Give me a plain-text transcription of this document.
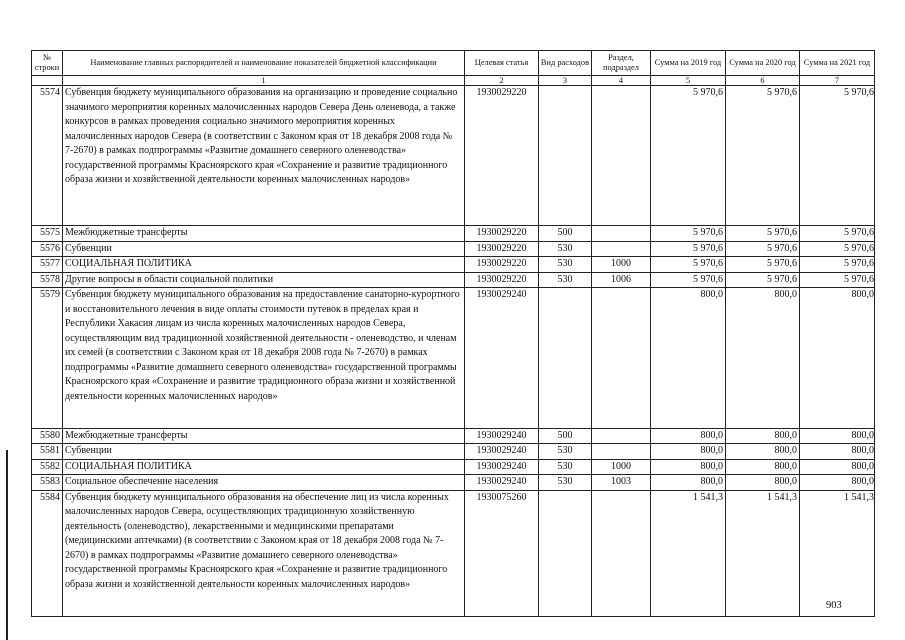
№ строки	Наименование главных распорядителей и наименование показателей бюджетной классификации	Целевая статья	Вид расходов	Раздел, подраздел	Сумма на 2019 год	Сумма на 2020 год	Сумма на 2021 год
	1	2	3	4	5	6	7
5574	Субвенция бюджету муниципального образования на организацию и проведение социально значимого мероприятия коренных малочисленных народов Севера День оленевода, а также конкурсов в рамках проведения социально значимого мероприятия коренных малочисленных народов Севера (в соответствии с Законом края от 18 декабря 2008 года № 7-2670) в рамках подпрограммы «Развитие домашнего северного оленеводства» государственной программы Красноярского края «Сохранение и развитие традиционного образа жизни и хозяйственной деятельности коренных малочисленных народов»	1930029220			5 970,6	5 970,6	5 970,6
5575	Межбюджетные трансферты	1930029220	500		5 970,6	5 970,6	5 970,6
5576	Субвенции	1930029220	530		5 970,6	5 970,6	5 970,6
5577	СОЦИАЛЬНАЯ ПОЛИТИКА	1930029220	530	1000	5 970,6	5 970,6	5 970,6
5578	Другие вопросы в области социальной политики	1930029220	530	1006	5 970,6	5 970,6	5 970,6
5579	Субвенция бюджету муниципального образования на предоставление санаторно-курортного и восстановительного лечения в виде оплаты стоимости путевок в пределах края и Республики Хакасия лицам из числа коренных малочисленных народов Севера, осуществляющим вид традиционной хозяйственной деятельности - оленеводство, и членам их семей (в соответствии с Законом края от 18 декабря 2008 года № 7-2670) в рамках подпрограммы «Развитие домашнего северного оленеводства» государственной программы Красноярского края «Сохранение и развитие традиционного образа жизни и хозяйственной деятельности коренных малочисленных народов»	1930029240			800,0	800,0	800,0
5580	Межбюджетные трансферты	1930029240	500		800,0	800,0	800,0
5581	Субвенции	1930029240	530		800,0	800,0	800,0
5582	СОЦИАЛЬНАЯ ПОЛИТИКА	1930029240	530	1000	800,0	800,0	800,0
5583	Социальное обеспечение населения	1930029240	530	1003	800,0	800,0	800,0
5584	Субвенция бюджету муниципального образования на обеспечение лиц из числа коренных малочисленных народов Севера, осуществляющих традиционную хозяйственную деятельность (оленеводство), лекарственными и медицинскими препаратами (медицинскими аптечками) (в соответствии с Законом края от 18 декабря 2008 года № 7-2670) в рамках подпрограммы «Развитие домашнего северного оленеводства» государственной программы Красноярского края «Сохранение и развитие традиционного образа жизни и хозяйственной деятельности коренных малочисленных народов»	1930075260			1 541,3	1 541,3	1 541,3
903
